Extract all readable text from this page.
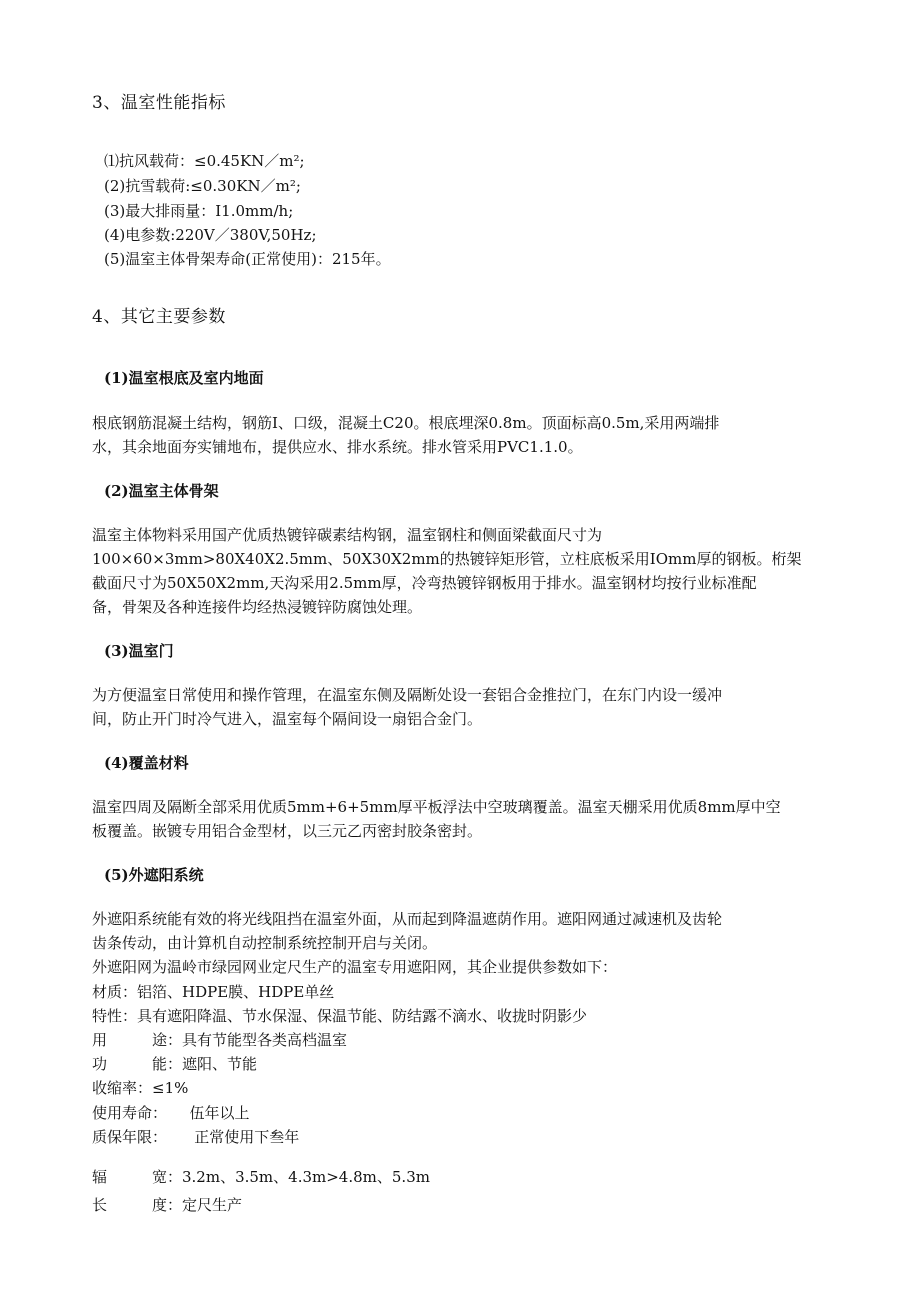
3、温室性能指标
⑴抗风载荷：≤0.45KN／m²;
(2)抗雪载荷:≤0.30KN／m²;
(3)最大排雨量：I1.0mm/h;
(4)电参数:220V／380V,50Hz;
(5)温室主体骨架寿命(正常使用)：215年。
4、其它主要参数
(1)温室根底及室内地面
根底钢筋混凝土结构，钢筋I、口级，混凝土C20。根底埋深0.8m。顶面标高0.5m,采用两端排
水，其余地面夯实铺地布，提供应水、排水系统。排水管采用PVC1.1.0。
(2)温室主体骨架
温室主体物料采用国产优质热镀锌碳素结构钢，温室钢柱和侧面梁截面尺寸为
100×60×3mm>80X40X2.5mm、50X30X2mm的热镀锌矩形管，立柱底板采用IOmm厚的钢板。桁架
截面尺寸为50X50X2mm,天沟采用2.5mm厚，冷弯热镀锌钢板用于排水。温室钢材均按行业标准配
备，骨架及各种连接件均经热浸镀锌防腐蚀处理。
(3)温室门
为方便温室日常使用和操作管理，在温室东侧及隔断处设一套铝合金推拉门，在东门内设一缓冲
间，防止开门时冷气进入，温室每个隔间设一扇铝合金门。
(4)覆盖材料
温室四周及隔断全部采用优质5mm+6+5mm厚平板浮法中空玻璃覆盖。温室天棚采用优质8mm厚中空
板覆盖。嵌镀专用铝合金型材，以三元乙丙密封胶条密封。
(5)外遮阳系统
外遮阳系统能有效的将光线阻挡在温室外面，从而起到降温遮荫作用。遮阳网通过减速机及齿轮
齿条传动，由计算机自动控制系统控制开启与关闭。
外遮阳网为温岭市绿园网业定尺生产的温室专用遮阳网，其企业提供参数如下：
材质：铝箔、HDPE膜、HDPE单丝
特性：具有遮阳降温、节水保湿、保温节能、防结露不滴水、收拢时阴影少
用　　　途：具有节能型各类高档温室
功　　　能：遮阳、节能
收缩率：≤1%
使用寿命：　　伍年以上
质保年限：　　 正常使用下叁年
辐　　　宽：3.2m、3.5m、4.3m>4.8m、5.3m
长　　　度：定尺生产
